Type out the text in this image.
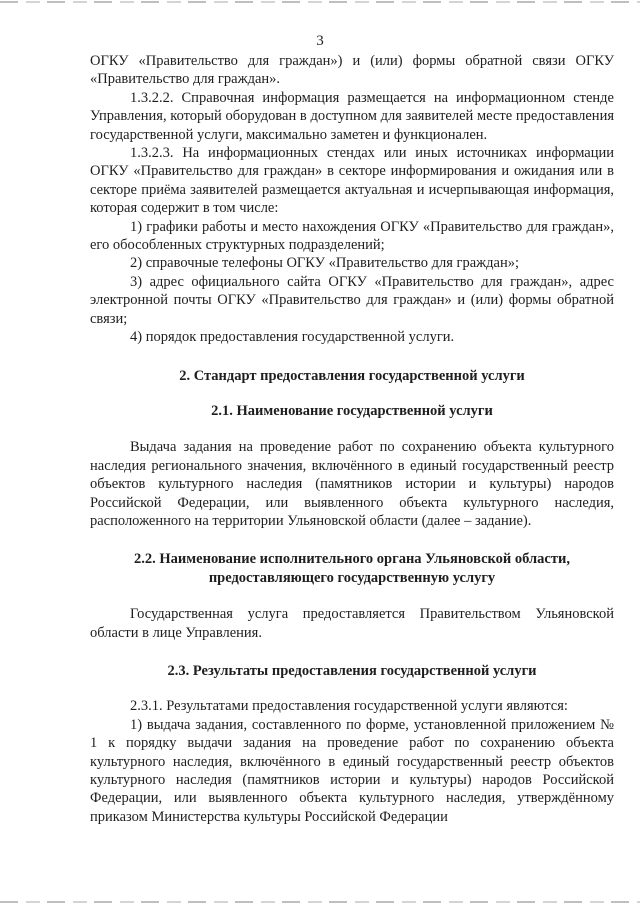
3

ОГКУ «Правительство для граждан») и (или) формы обратной связи ОГКУ «Правительство для граждан».

1.3.2.2. Справочная информация размещается на информационном стенде Управления, который оборудован в доступном для заявителей месте предоставления государственной услуги, максимально заметен и функционален.

1.3.2.3. На информационных стендах или иных источниках информации ОГКУ «Правительство для граждан» в секторе информирования и ожидания или в секторе приёма заявителей размещается актуальная и исчерпывающая информация, которая содержит в том числе:

1) графики работы и место нахождения ОГКУ «Правительство для граждан», его обособленных структурных подразделений;

2) справочные телефоны ОГКУ «Правительство для граждан»;

3) адрес официального сайта ОГКУ «Правительство для граждан», адрес электронной почты ОГКУ «Правительство для граждан» и (или) формы обратной связи;

4) порядок предоставления государственной услуги.

2. Стандарт предоставления государственной услуги

2.1. Наименование государственной услуги

Выдача задания на проведение работ по сохранению объекта культурного наследия регионального значения, включённого в единый государственный реестр объектов культурного наследия (памятников истории и культуры) народов Российской Федерации, или выявленного объекта культурного наследия, расположенного на территории Ульяновской области (далее – задание).

2.2. Наименование исполнительного органа Ульяновской области, предоставляющего государственную услугу

Государственная услуга предоставляется Правительством Ульяновской области в лице Управления.

2.3. Результаты предоставления государственной услуги

2.3.1. Результатами предоставления государственной услуги являются:

1) выдача задания, составленного по форме, установленной приложением № 1 к порядку выдачи задания на проведение работ по сохранению объекта культурного наследия, включённого в единый государственный реестр объектов культурного наследия (памятников истории и культуры) народов Российской Федерации, или выявленного объекта культурного наследия, утверждённому приказом Министерства культуры Российской Федерации
